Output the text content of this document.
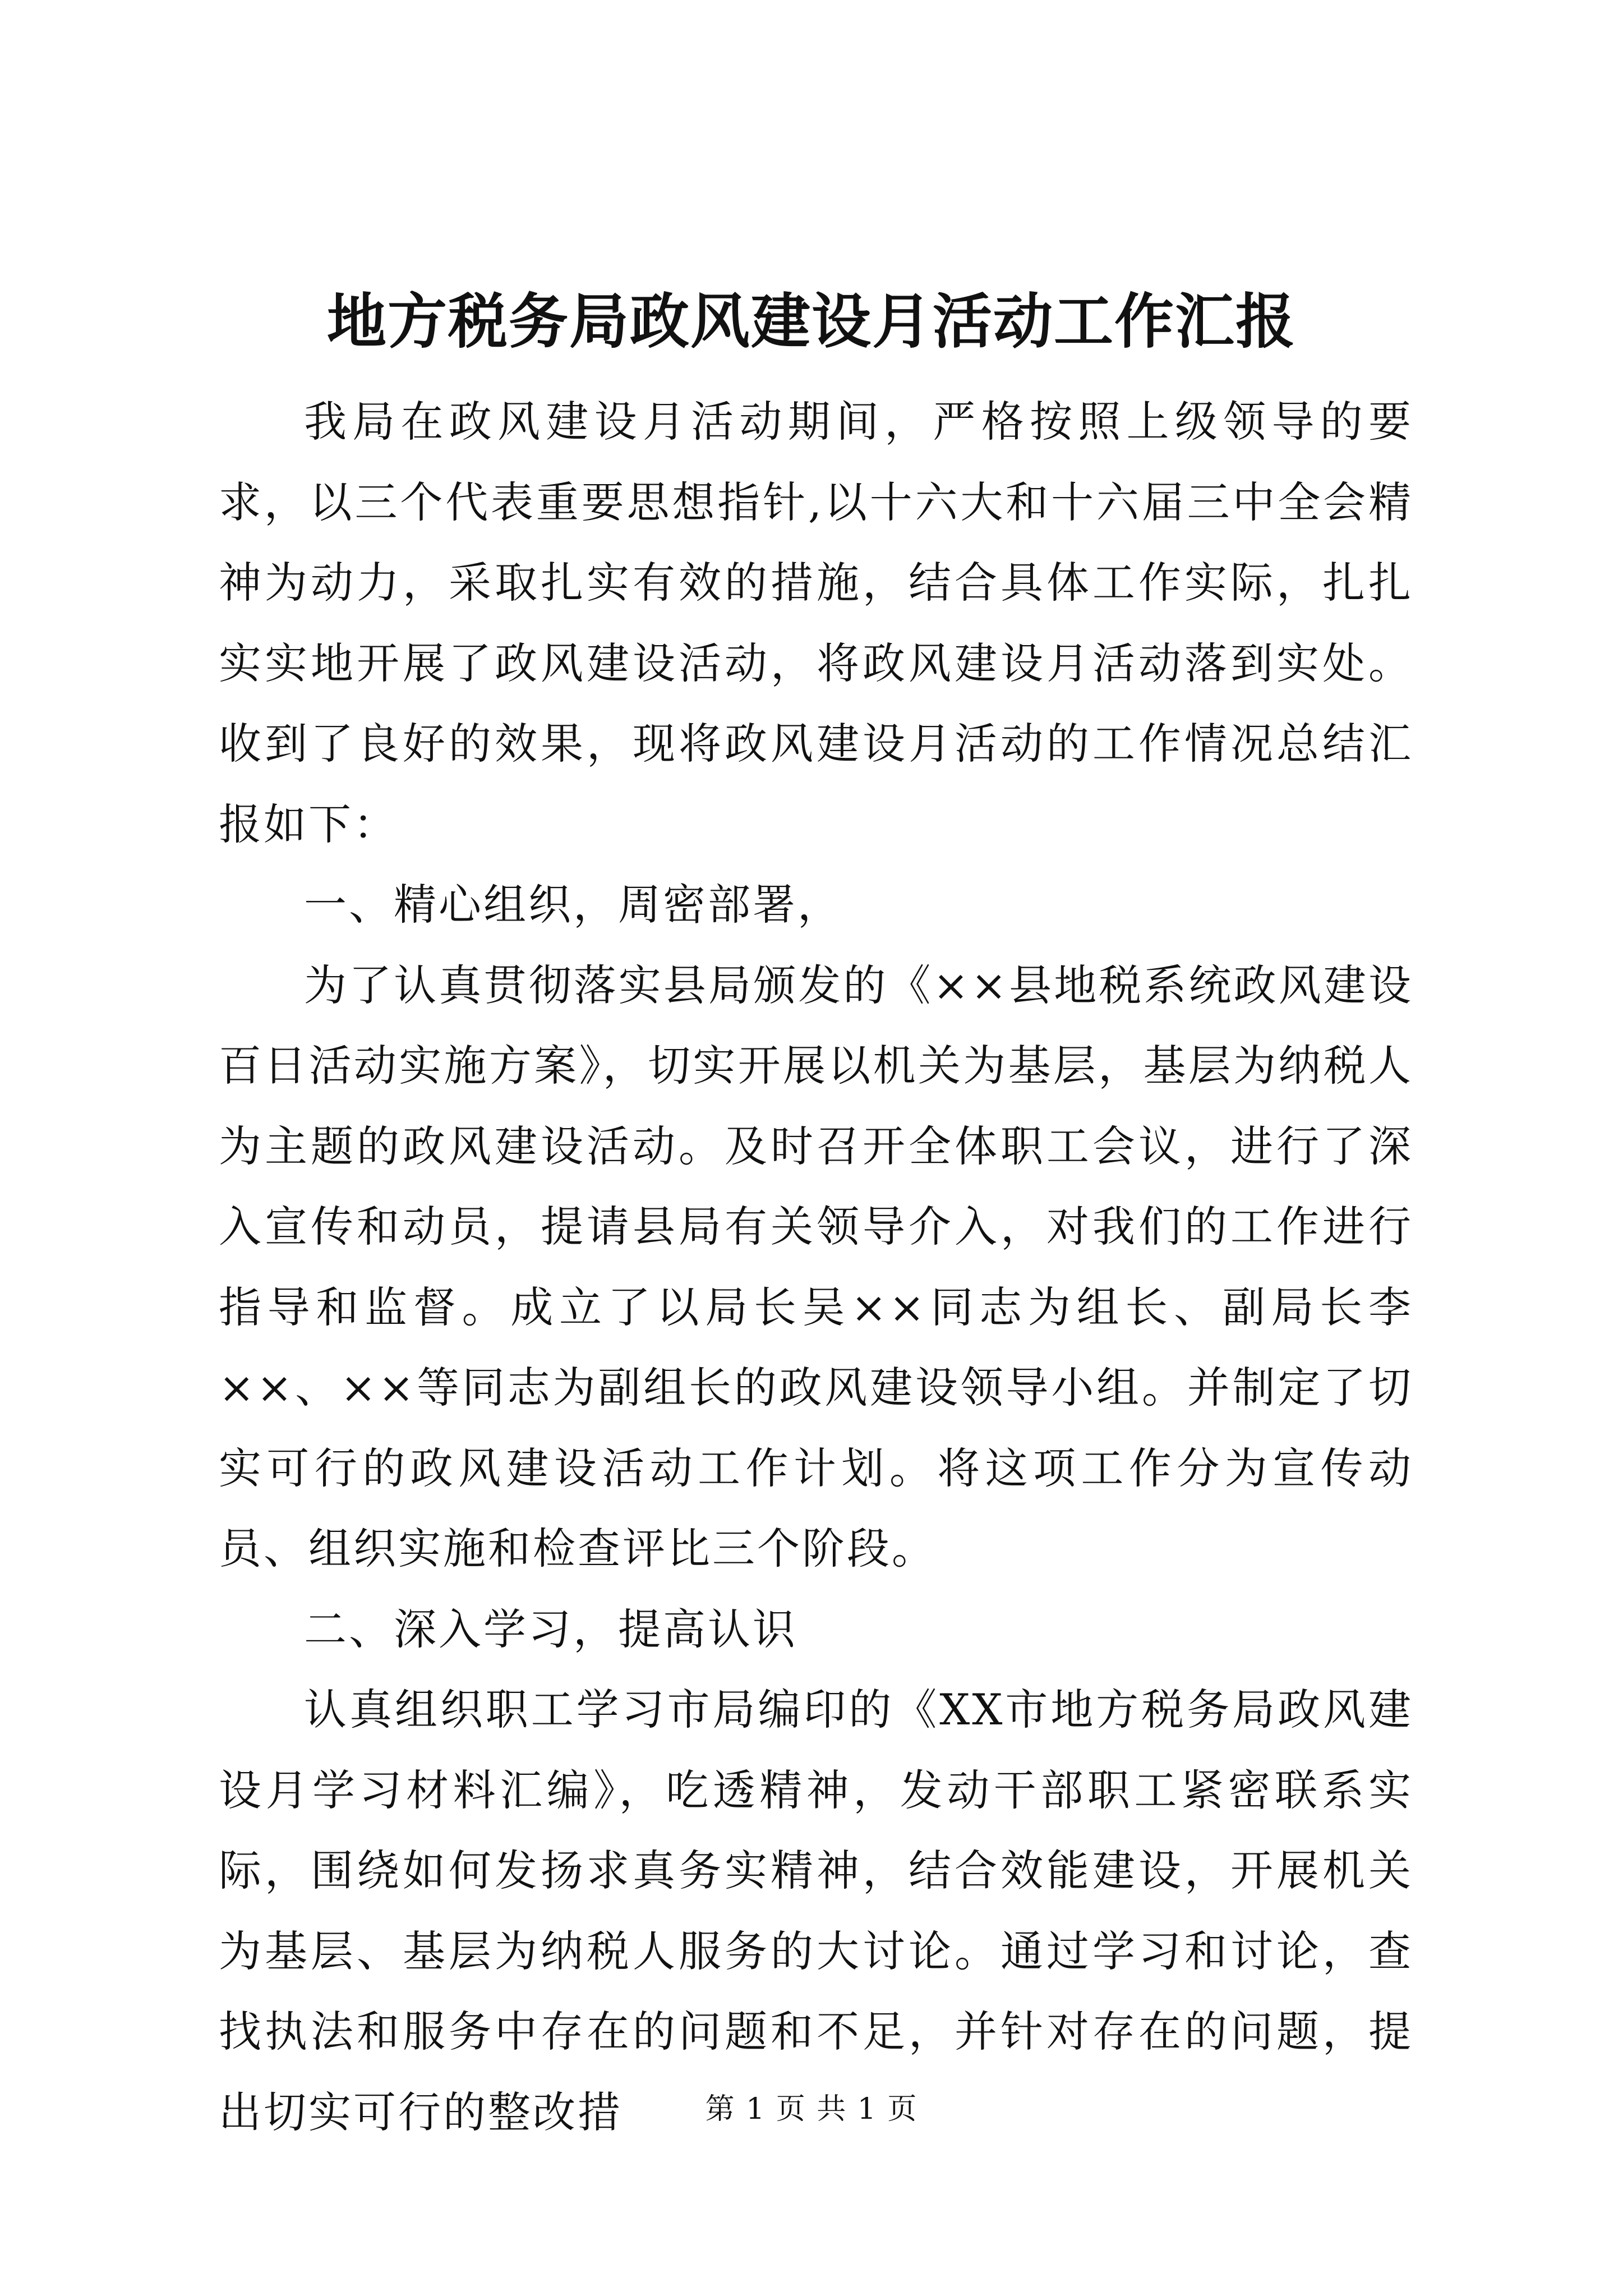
地方税务局政风建设月活动工作汇报

我局在政风建设月活动期间，严格按照上级领导的要求，以三个代表重要思想指针,以十六大和十六届三中全会精神为动力，采取扎实有效的措施，结合具体工作实际，扎扎实实地开展了政风建设活动，将政风建设月活动落到实处。收到了良好的效果，现将政风建设月活动的工作情况总结汇报如下：

一、精心组织，周密部署，

为了认真贯彻落实县局颁发的《××县地税系统政风建设百日活动实施方案》，切实开展以机关为基层，基层为纳税人为主题的政风建设活动。及时召开全体职工会议，进行了深入宣传和动员，提请县局有关领导介入，对我们的工作进行指导和监督。成立了以局长吴××同志为组长、副局长李××、××等同志为副组长的政风建设领导小组。并制定了切实可行的政风建设活动工作计划。将这项工作分为宣传动员、组织实施和检查评比三个阶段。

二、深入学习，提高认识

认真组织职工学习市局编印的《XX市地方税务局政风建设月学习材料汇编》，吃透精神，发动干部职工紧密联系实际，围绕如何发扬求真务实精神，结合效能建设，开展机关为基层、基层为纳税人服务的大讨论。通过学习和讨论，查找执法和服务中存在的问题和不足，并针对存在的问题，提出切实可行的整改措	第 1 页 共 1 页
